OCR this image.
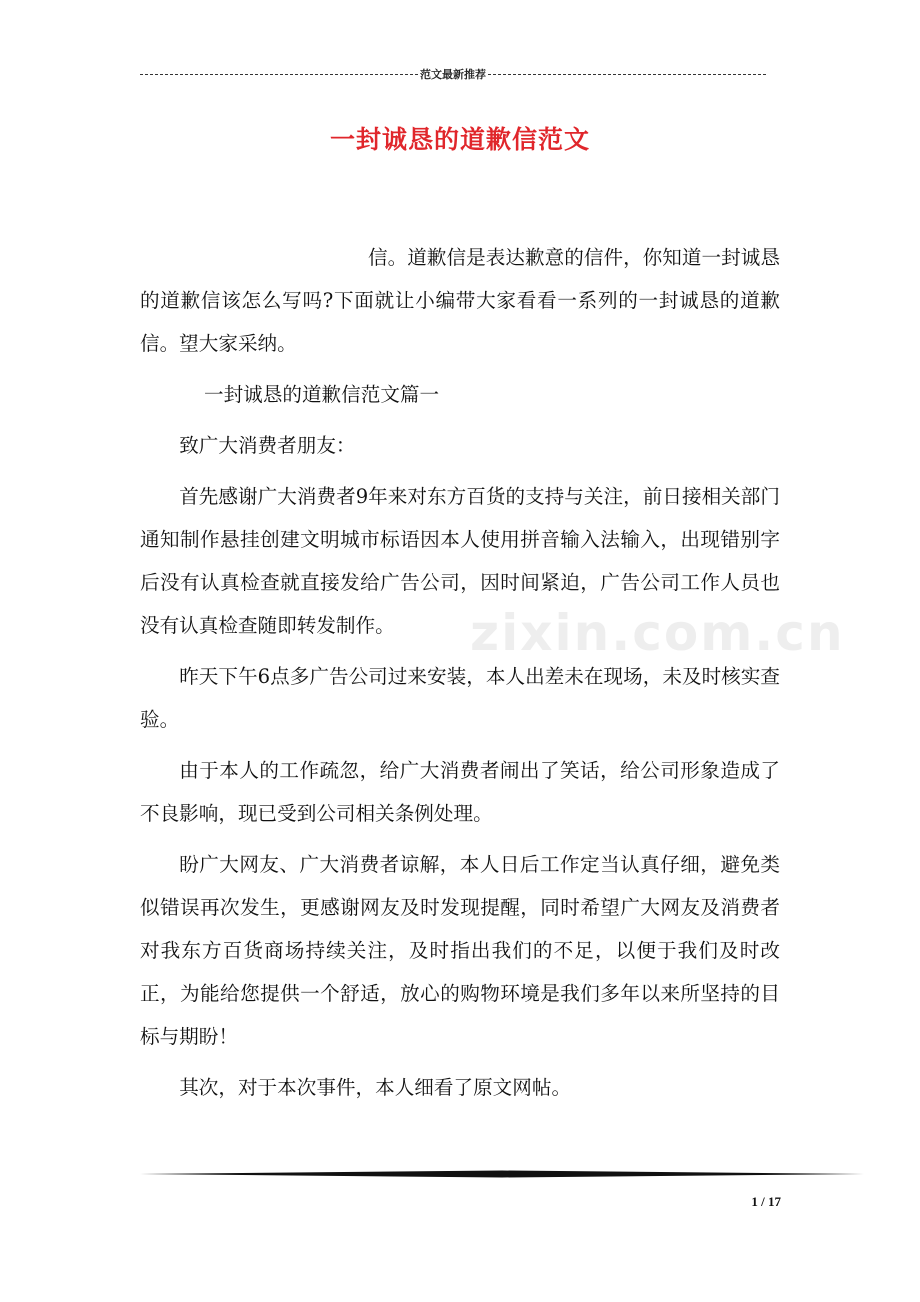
范文最新推荐
一封诚恳的道歉信范文
zixin.com.cn

信。道歉信是表达歉意的信件，你知道一封诚恳的道歉信该怎么写吗?下面就让小编带大家看看一系列的一封诚恳的道歉信。望大家采纳。

一封诚恳的道歉信范文篇一

致广大消费者朋友：

首先感谢广大消费者9年来对东方百货的支持与关注，前日接相关部门通知制作悬挂创建文明城市标语因本人使用拼音输入法输入，出现错别字后没有认真检查就直接发给广告公司，因时间紧迫，广告公司工作人员也没有认真检查随即转发制作。

昨天下午6点多广告公司过来安装，本人出差未在现场，未及时核实查验。

由于本人的工作疏忽，给广大消费者闹出了笑话，给公司形象造成了不良影响，现已受到公司相关条例处理。

盼广大网友、广大消费者谅解，本人日后工作定当认真仔细，避免类似错误再次发生，更感谢网友及时发现提醒，同时希望广大网友及消费者对我东方百货商场持续关注，及时指出我们的不足，以便于我们及时改正，为能给您提供一个舒适，放心的购物环境是我们多年以来所坚持的目标与期盼！

其次，对于本次事件，本人细看了原文网帖。

1 / 17
